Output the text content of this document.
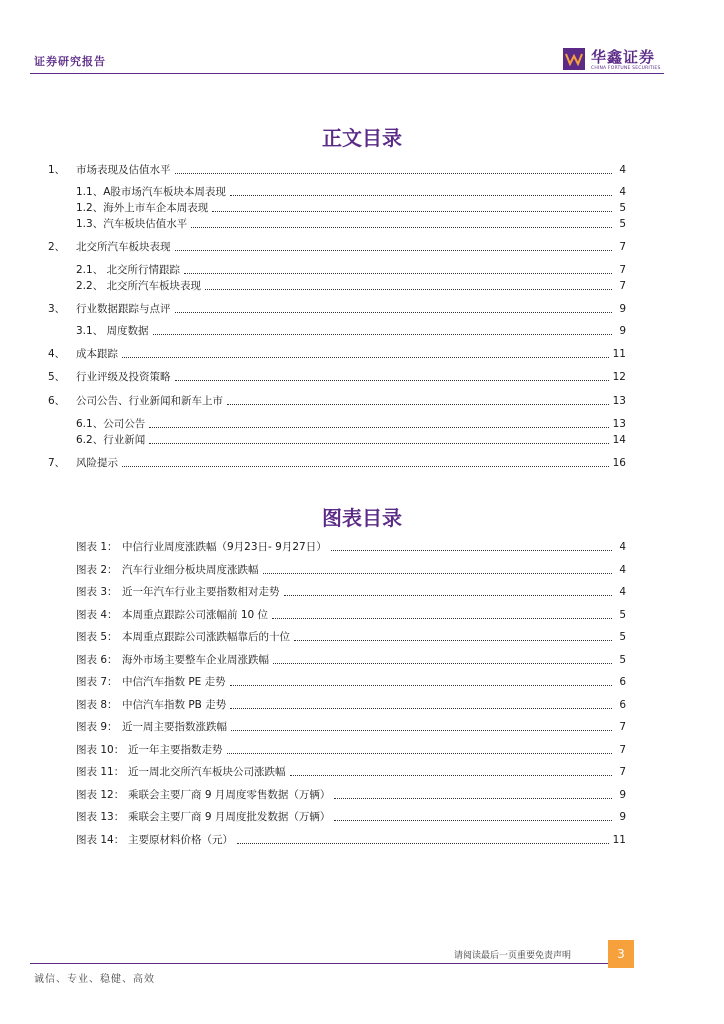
证券研究报告	华鑫证券
CHINA FORTUNE SECURITIES
正文目录
1、	市场表现及估值水平	4
1.1、A股市场汽车板块本周表现	4
1.2、海外上市车企本周表现	5
1.3、汽车板块估值水平	5
2、	北交所汽车板块表现	7
2.1、 北交所行情跟踪	7
2.2、 北交所汽车板块表现	7
3、	行业数据跟踪与点评	9
3.1、 周度数据	9
4、	成本跟踪	11
5、	行业评级及投资策略	12
6、	公司公告、行业新闻和新车上市	13
6.1、公司公告	13
6.2、行业新闻	14
7、	风险提示	16
图表目录
图表 1： 中信行业周度涨跌幅（9月23日- 9月27日）	4
图表 2： 汽车行业细分板块周度涨跌幅	4
图表 3： 近一年汽车行业主要指数相对走势	4
图表 4： 本周重点跟踪公司涨幅前 10 位	5
图表 5： 本周重点跟踪公司涨跌幅靠后的十位	5
图表 6： 海外市场主要整车企业周涨跌幅	5
图表 7： 中信汽车指数 PE 走势	6
图表 8： 中信汽车指数 PB 走势	6
图表 9： 近一周主要指数涨跌幅	7
图表 10： 近一年主要指数走势	7
图表 11： 近一周北交所汽车板块公司涨跌幅	7
图表 12： 乘联会主要厂商 9 月周度零售数据（万辆）	9
图表 13： 乘联会主要厂商 9 月周度批发数据（万辆）	9
图表 14： 主要原材料价格（元）	11
请阅读最后一页重要免责声明	3
诚信、专业、稳健、高效
